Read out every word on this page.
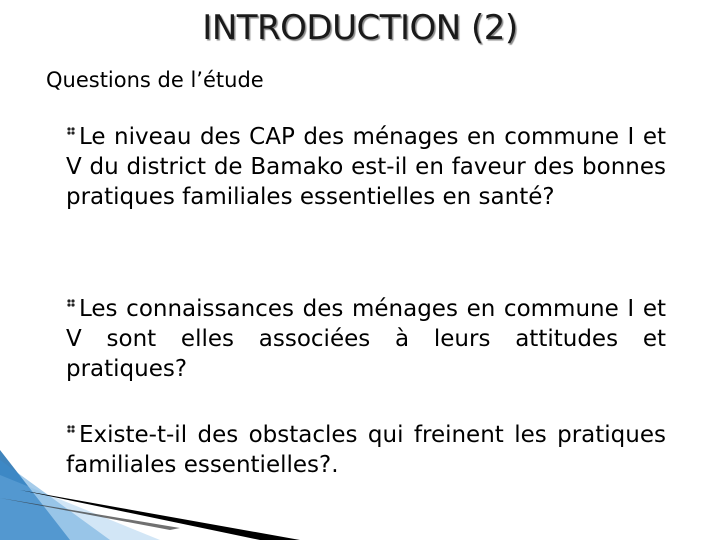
INTRODUCTION (2)
Questions de l’étude
Le niveau des CAP des ménages en commune I et V du district de Bamako est-il en faveur des bonnes pratiques familiales essentielles en santé?
Les connaissances des ménages en commune I et V sont elles associées à leurs attitudes et pratiques?
Existe-t-il des obstacles qui freinent les pratiques familiales essentielles?.
